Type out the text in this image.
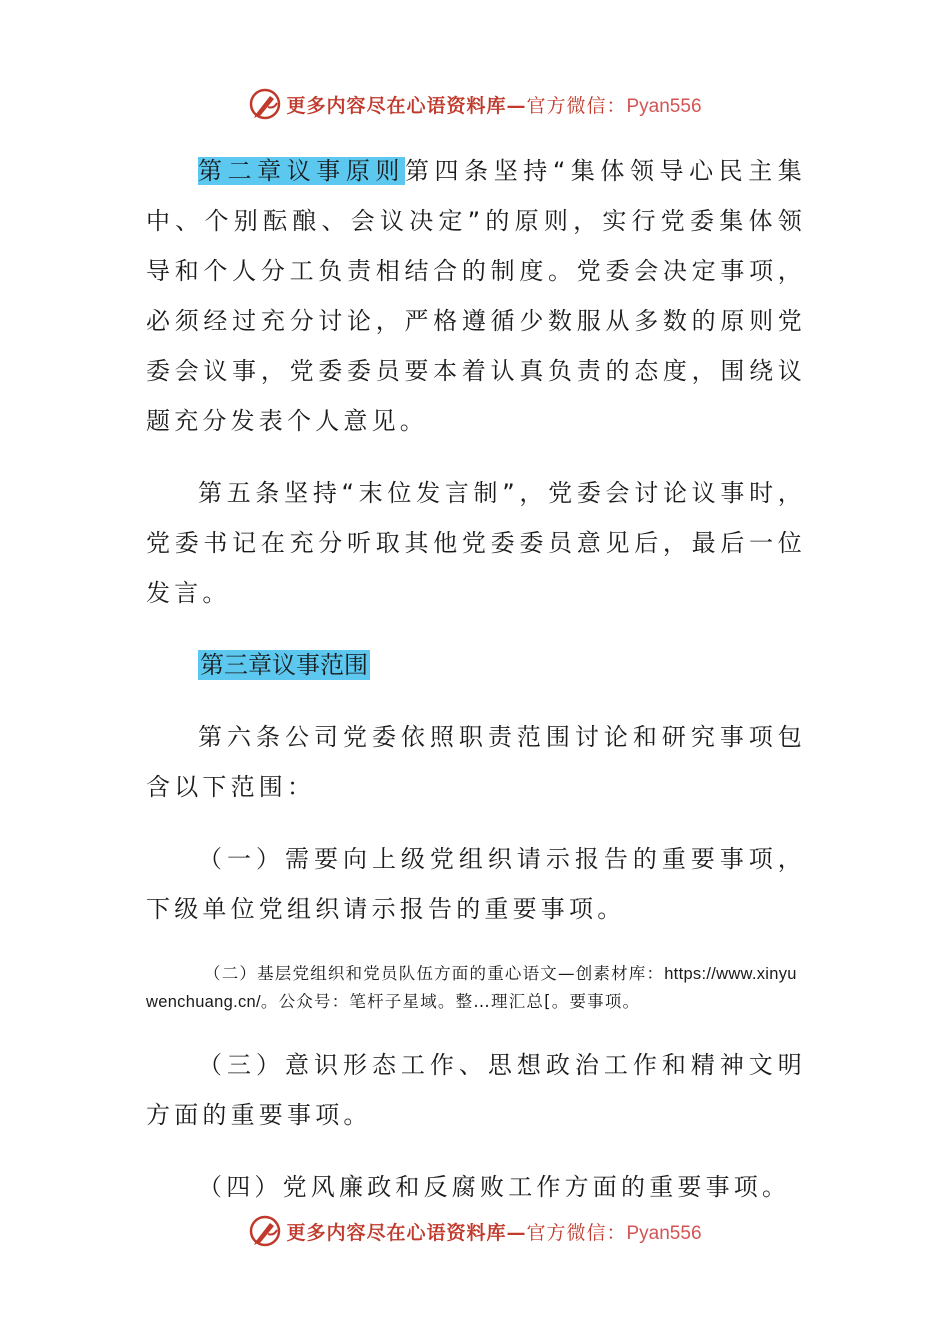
更多内容尽在心语资料库—官方微信：Pyan556

第二章议事原则第四条坚持“集体领导心民主集中、个别酝酿、会议决定”的原则，实行党委集体领导和个人分工负责相结合的制度。党委会决定事项，必须经过充分讨论，严格遵循少数服从多数的原则党委会议事，党委委员要本着认真负责的态度，围绕议题充分发表个人意见。

第五条坚持“末位发言制”，党委会讨论议事时，党委书记在充分听取其他党委委员意见后，最后一位发言。

第三章议事范围

第六条公司党委依照职责范围讨论和研究事项包含以下范围：

（一）需要向上级党组织请示报告的重要事项，下级单位党组织请示报告的重要事项。

（二）基层党组织和党员队伍方面的重心语文—创素材库：https://www.xinyuwenchuang.cn/。公众号：笔杆子星域。整…理汇总[。要事项。

（三）意识形态工作、思想政治工作和精神文明方面的重要事项。

（四）党风廉政和反腐败工作方面的重要事项。

更多内容尽在心语资料库—官方微信：Pyan556
